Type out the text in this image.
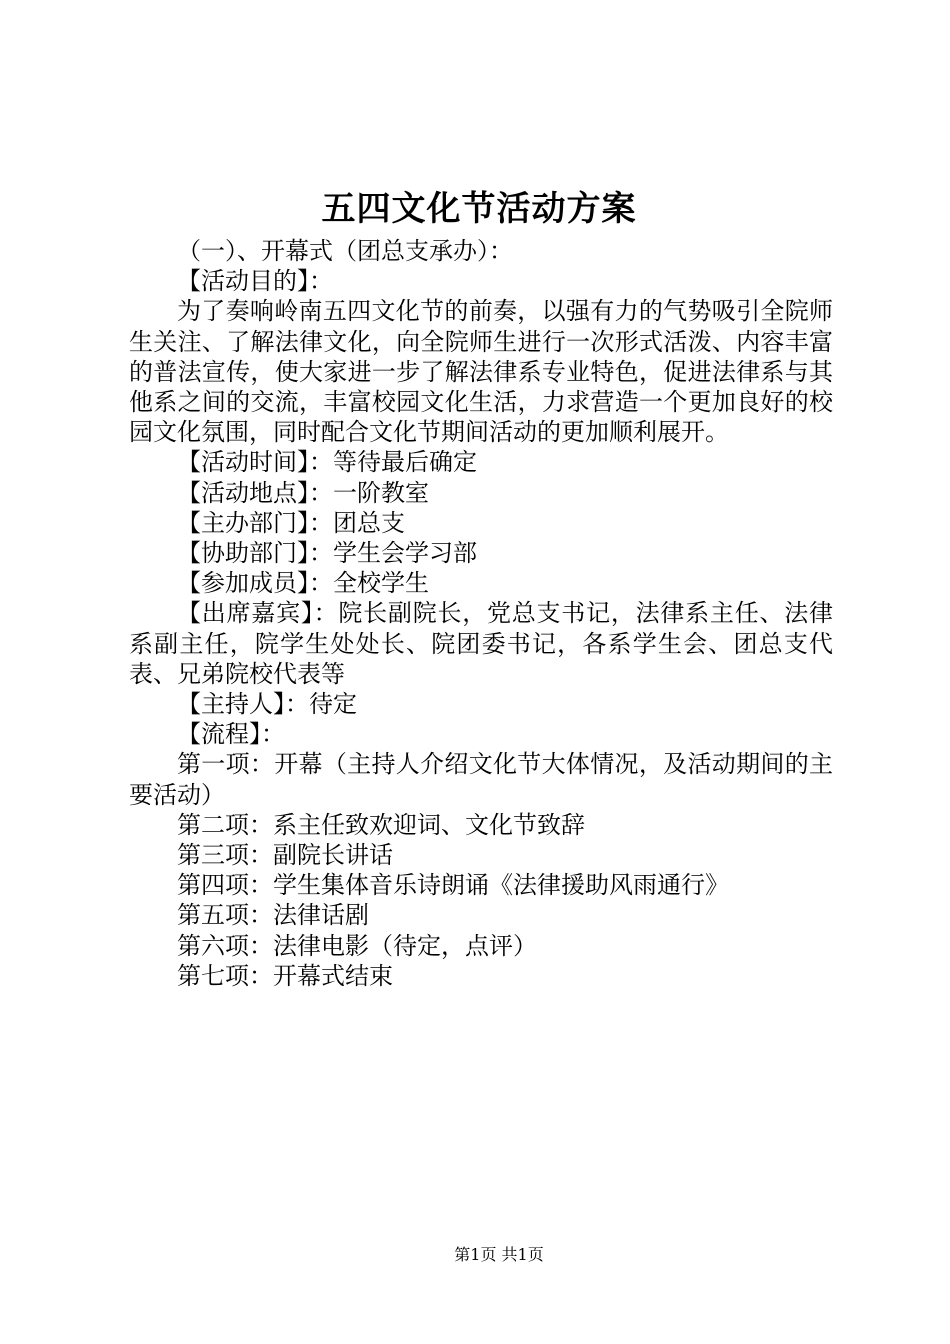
五四文化节活动方案

（一）、开幕式（团总支承办）：

【活动目的】：

为了奏响岭南五四文化节的前奏，以强有力的气势吸引全院师生关注、了解法律文化，向全院师生进行一次形式活泼、内容丰富的普法宣传，使大家进一步了解法律系专业特色，促进法律系与其他系之间的交流，丰富校园文化生活，力求营造一个更加良好的校园文化氛围，同时配合文化节期间活动的更加顺利展开。

【活动时间】：等待最后确定

【活动地点】：一阶教室

【主办部门】：团总支

【协助部门】：学生会学习部

【参加成员】：全校学生

【出席嘉宾】：院长副院长，党总支书记，法律系主任、法律系副主任，院学生处处长、院团委书记，各系学生会、团总支代表、兄弟院校代表等

【主持人】：待定

【流程】：

第一项：开幕（主持人介绍文化节大体情况，及活动期间的主要活动）

第二项：系主任致欢迎词、文化节致辞

第三项：副院长讲话

第四项：学生集体音乐诗朗诵《法律援助风雨通行》

第五项：法律话剧

第六项：法律电影（待定，点评）

第七项：开幕式结束

第1页 共1页
